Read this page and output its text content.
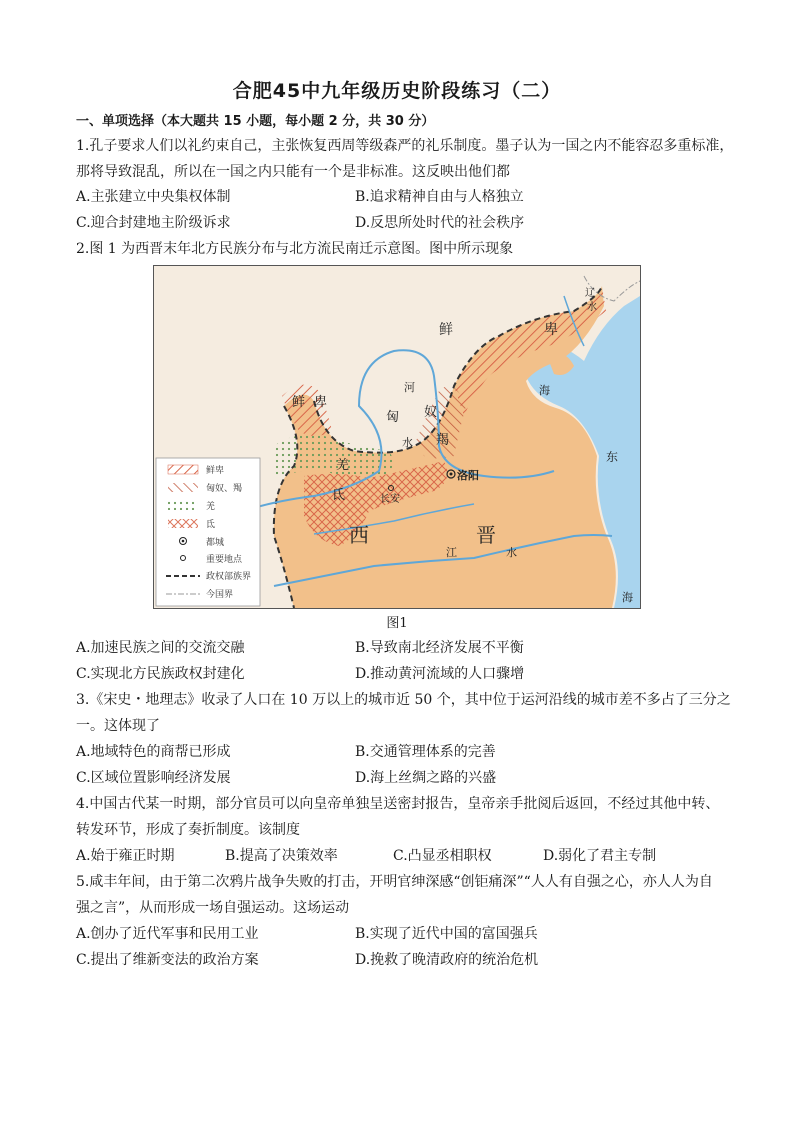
合肥45中九年级历史阶段练习（二）
一、单项选择（本大题共 15 小题，每小题 2 分，共 30 分）
1.孔子要求人们以礼约束自己，主张恢复西周等级森严的礼乐制度。墨子认为一国之内不能容忍多重标准，
那将导致混乱，所以在一国之内只能有一个是非标准。这反映出他们都
A.主张建立中央集权体制	B.追求精神自由与人格独立
C.迎合封建地主阶级诉求	D.反思所处时代的社会秩序
2.图 1 为西晋末年北方民族分布与北方流民南迁示意图。图中所示现象
鲜	卑
鲜 卑
匈 奴
羯
羌
氐
西	晋
洛阳
长安
河
水
江	水
海
东
海
辽
水
鲜卑
匈奴、羯
羌
氐
都城
重要地点
政权部族界
今国界
图1
A.加速民族之间的交流交融	B.导致南北经济发展不平衡
C.实现北方民族政权封建化	D.推动黄河流域的人口骤增
3.《宋史・地理志》收录了人口在 10 万以上的城市近 50 个，其中位于运河沿线的城市差不多占了三分之
一。这体现了
A.地域特色的商帮已形成	B.交通管理体系的完善
C.区域位置影响经济发展	D.海上丝绸之路的兴盛
4.中国古代某一时期，部分官员可以向皇帝单独呈送密封报告，皇帝亲手批阅后返回，不经过其他中转、
转发环节，形成了奏折制度。该制度
A.始于雍正时期	B.提高了决策效率	C.凸显丞相职权	D.弱化了君主专制
5.咸丰年间，由于第二次鸦片战争失败的打击，开明官绅深感“创钜痛深”“人人有自强之心，亦人人为自
强之言”，从而形成一场自强运动。这场运动
A.创办了近代军事和民用工业	B.实现了近代中国的富国强兵
C.提出了维新变法的政治方案	D.挽救了晚清政府的统治危机
